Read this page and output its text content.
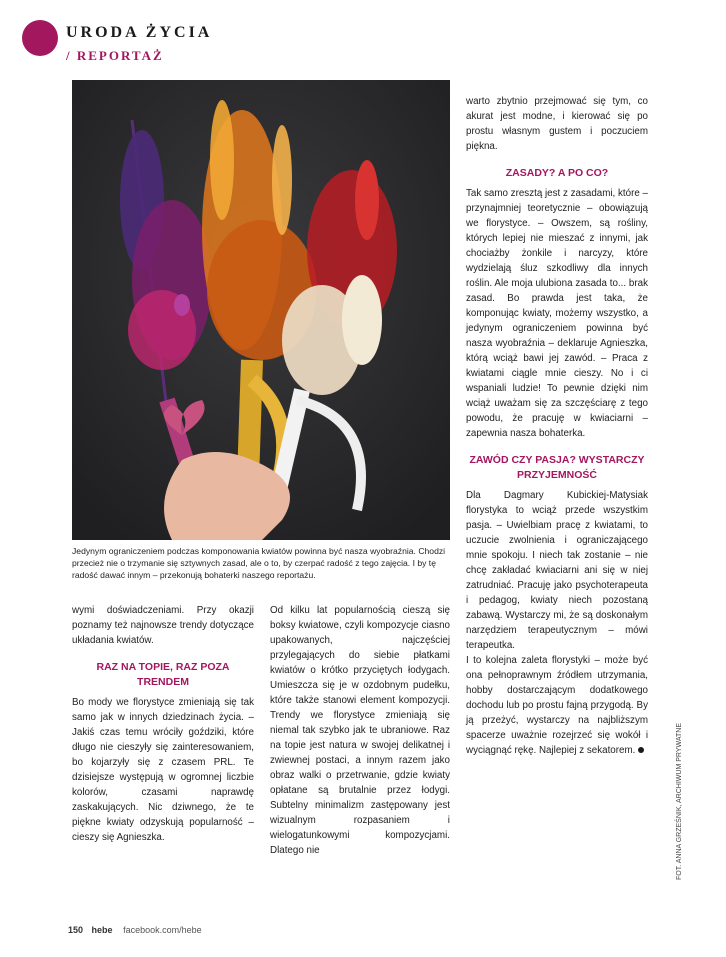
URODA ŻYCIA
/ REPORTAŻ
Jedynym ograniczeniem podczas komponowania kwiatów powinna być nasza wyobraźnia. Chodzi przecież nie o trzymanie się sztywnych zasad, ale o to, by czerpać radość z tego zajęcia. I by tę radość dawać innym – przekonują bohaterki naszego reportażu.

wymi doświadczeniami. Przy okazji poznamy też najnowsze trendy dotyczące układania kwiatów.

RAZ NA TOPIE, RAZ POZA TRENDEM

Bo mody we florystyce zmieniają się tak samo jak w innych dziedzinach życia. – Jakiś czas temu wróciły goździki, które długo nie cieszyły się zainteresowaniem, bo kojarzyły się z czasem PRL. Te dzisiejsze występują w ogromnej liczbie kolorów, czasami naprawdę zaskakujących. Nic dziwnego, że te piękne kwiaty odzyskują popularność – cieszy się Agnieszka.

Od kilku lat popularnością cieszą się boksy kwiatowe, czyli kompozycje ciasno upakowanych, najczęściej przylegających do siebie płatkami kwiatów o krótko przyciętych łodygach. Umieszcza się je w ozdobnym pudełku, które także stanowi element kompozycji. Trendy we florystyce zmieniają się niemal tak szybko jak te ubraniowe. Raz na topie jest natura w swojej delikatnej i zwiewnej postaci, a innym razem jako obraz walki o przetrwanie, gdzie kwiaty opłatane są brutalnie przez łodygi. Subtelny minimalizm zastępowany jest wizualnym rozpasaniem i wielogatunkowymi kompozycjami. Dlatego nie

warto zbytnio przejmować się tym, co akurat jest modne, i kierować się po prostu własnym gustem i poczuciem piękna.

ZASADY? A PO CO?

Tak samo zresztą jest z zasadami, które – przynajmniej teoretycznie – obowiązują we florystyce. – Owszem, są rośliny, których lepiej nie mieszać z innymi, jak chociażby żonkile i narcyzy, które wydzielają śluz szkodliwy dla innych roślin. Ale moja ulubiona zasada to... brak zasad. Bo prawda jest taka, że komponując kwiaty, możemy wszystko, a jedynym ograniczeniem powinna być nasza wyobraźnia – deklaruje Agnieszka, którą wciąż bawi jej zawód. – Praca z kwiatami ciągle mnie cieszy. No i ci wspaniali ludzie! To pewnie dzięki nim wciąż uważam się za szczęściarę z tego powodu, że pracuję w kwiaciarni – zapewnia nasza bohaterka.

ZAWÓD CZY PASJA? WYSTARCZY PRZYJEMNOŚĆ

Dla Dagmary Kubickiej-Matysiak florystyka to wciąż przede wszystkim pasja. – Uwielbiam pracę z kwiatami, to uczucie zwolnienia i ograniczającego mnie spokoju. I niech tak zostanie – nie chcę zakładać kwiaciarni ani się w niej zatrudniać. Pracuję jako psychoterapeuta i pedagog, kwiaty niech pozostaną zabawą. Wystarczy mi, że są doskonałym narzędziem terapeutycznym – mówi terapeutka.

I to kolejna zaleta florystyki – może być ona pełnoprawnym źródłem utrzymania, hobby dostarczającym dodatkowego dochodu lub po prostu fajną przygodą. By ją przeżyć, wystarczy na najbliższym spacerze uważnie rozejrzeć się wokół i wyciągnąć rękę. Najlepiej z sekatorem.	FOT. ANNA GRZEŚNIK, ARCHIWUM PRYWATNE
150 hebe facebook.com/hebe
